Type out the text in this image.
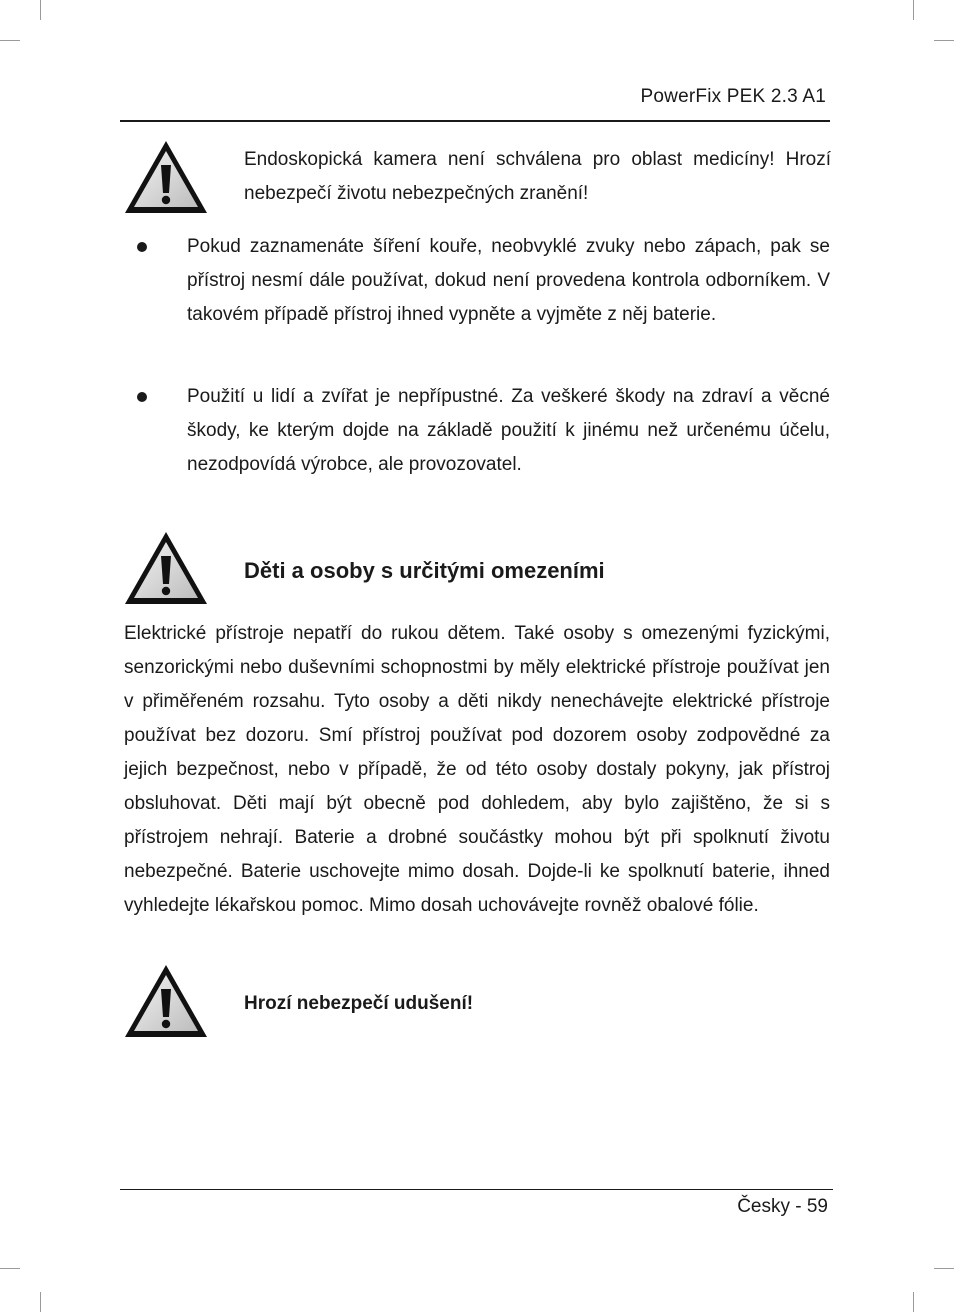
PowerFix PEK 2.3 A1

Endoskopická kamera není schválena pro oblast medicíny! Hrozí nebezpečí životu nebezpečných zranění!

Pokud zaznamenáte šíření kouře, neobvyklé zvuky nebo zápach, pak se přístroj nesmí dále používat, dokud není provedena kontrola odborníkem. V takovém případě přístroj ihned vypněte a vyjměte z něj baterie.

Použití u lidí a zvířat je nepřípustné. Za veškeré škody na zdraví a věcné škody, ke kterým dojde na základě použití k jinému než určenému účelu, nezodpovídá výrobce, ale provozovatel.

Děti a osoby s určitými omezeními

Elektrické přístroje nepatří do rukou dětem. Také osoby s omezenými fyzickými, senzorickými nebo duševními schopnostmi by měly elektrické přístroje používat jen v přiměřeném rozsahu. Tyto osoby a děti nikdy nenechávejte elektrické přístroje používat bez dozoru. Smí přístroj používat pod dozorem osoby zodpovědné za jejich bezpečnost, nebo v případě, že od této osoby dostaly pokyny, jak přístroj obsluhovat. Děti mají být obecně pod dohledem, aby bylo zajištěno, že si s přístrojem nehrají. Baterie a drobné součástky mohou být při spolknutí životu nebezpečné. Baterie uschovejte mimo dosah. Dojde-li ke spolknutí baterie, ihned vyhledejte lékařskou pomoc. Mimo dosah uchovávejte rovněž obalové fólie.

Hrozí nebezpečí udušení!
Česky - 59
